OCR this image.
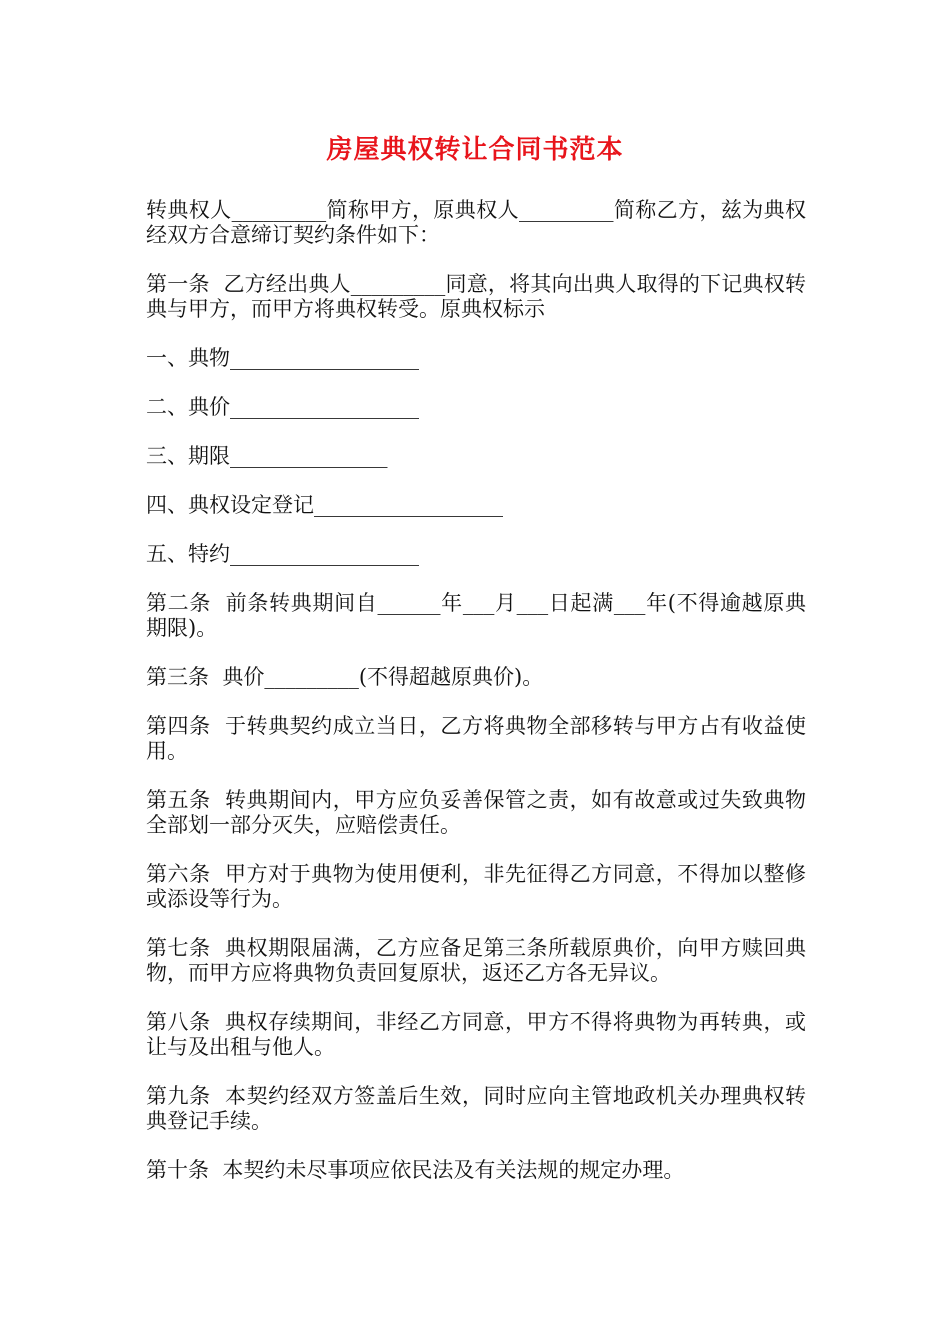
房屋典权转让合同书范本

转典权人_________简称甲方，原典权人_________简称乙方，兹为典权经双方合意缔订契约条件如下：

第一条  乙方经出典人_________同意，将其向出典人取得的下记典权转典与甲方，而甲方将典权转受。原典权标示

一、典物__________________

二、典价__________________

三、期限_______________

四、典权设定登记__________________

五、特约__________________

第二条  前条转典期间自______年___月___日起满___年(不得逾越原典期限)。

第三条  典价_________(不得超越原典价)。

第四条  于转典契约成立当日，乙方将典物全部移转与甲方占有收益使用。

第五条  转典期间内，甲方应负妥善保管之责，如有故意或过失致典物全部划一部分灭失，应赔偿责任。

第六条  甲方对于典物为使用便利，非先征得乙方同意，不得加以整修或添设等行为。

第七条  典权期限届满，乙方应备足第三条所载原典价，向甲方赎回典物，而甲方应将典物负责回复原状，返还乙方各无异议。

第八条  典权存续期间，非经乙方同意，甲方不得将典物为再转典，或让与及出租与他人。

第九条  本契约经双方签盖后生效，同时应向主管地政机关办理典权转典登记手续。

第十条  本契约未尽事项应依民法及有关法规的规定办理。
